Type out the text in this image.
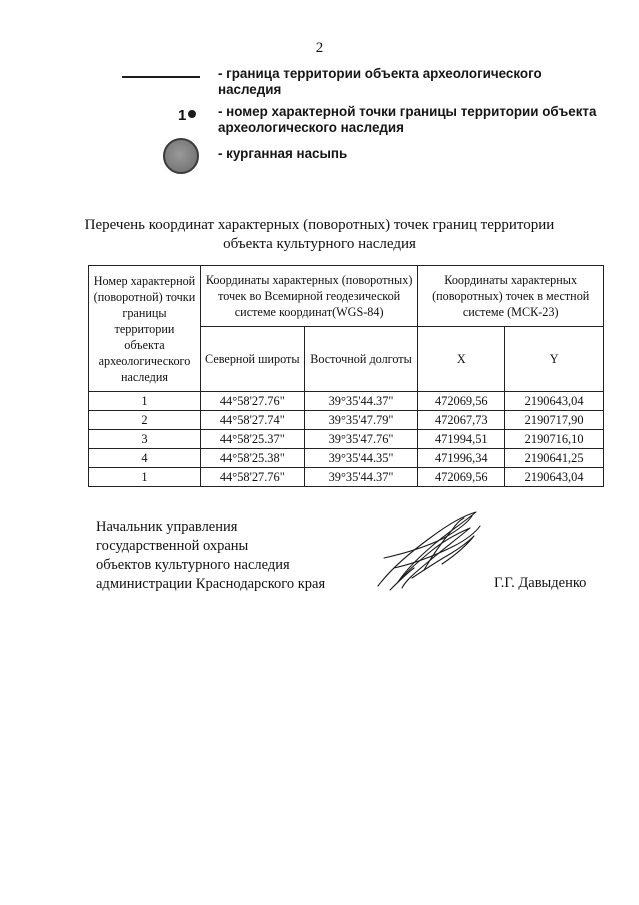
2
- граница территории объекта археологического наследия
1	- номер характерной точки границы территории объекта археологического наследия
- курганная насыпь
Перечень координат характерных (поворотных) точек границ территории
объекта культурного наследия
Номер характерной (поворотной) точки границы территории объекта археологического наследия	Координаты характерных (поворотных) точек во Всемирной геодезической системе координат(WGS-84)		Координаты характерных (поворотных) точек в местной системе (МСК-23)	
	Северной широты	Восточной долготы	X	Y
1	44°58'27.76"	39°35'44.37"	472069,56	2190643,04
2	44°58'27.74"	39°35'47.79"	472067,73	2190717,90
3	44°58'25.37"	39°35'47.76"	471994,51	2190716,10
4	44°58'25.38"	39°35'44.35"	471996,34	2190641,25
1	44°58'27.76"	39°35'44.37"	472069,56	2190643,04
Начальник управления
государственной охраны
объектов культурного наследия
администрации Краснодарского края	Г.Г. Давыденко
